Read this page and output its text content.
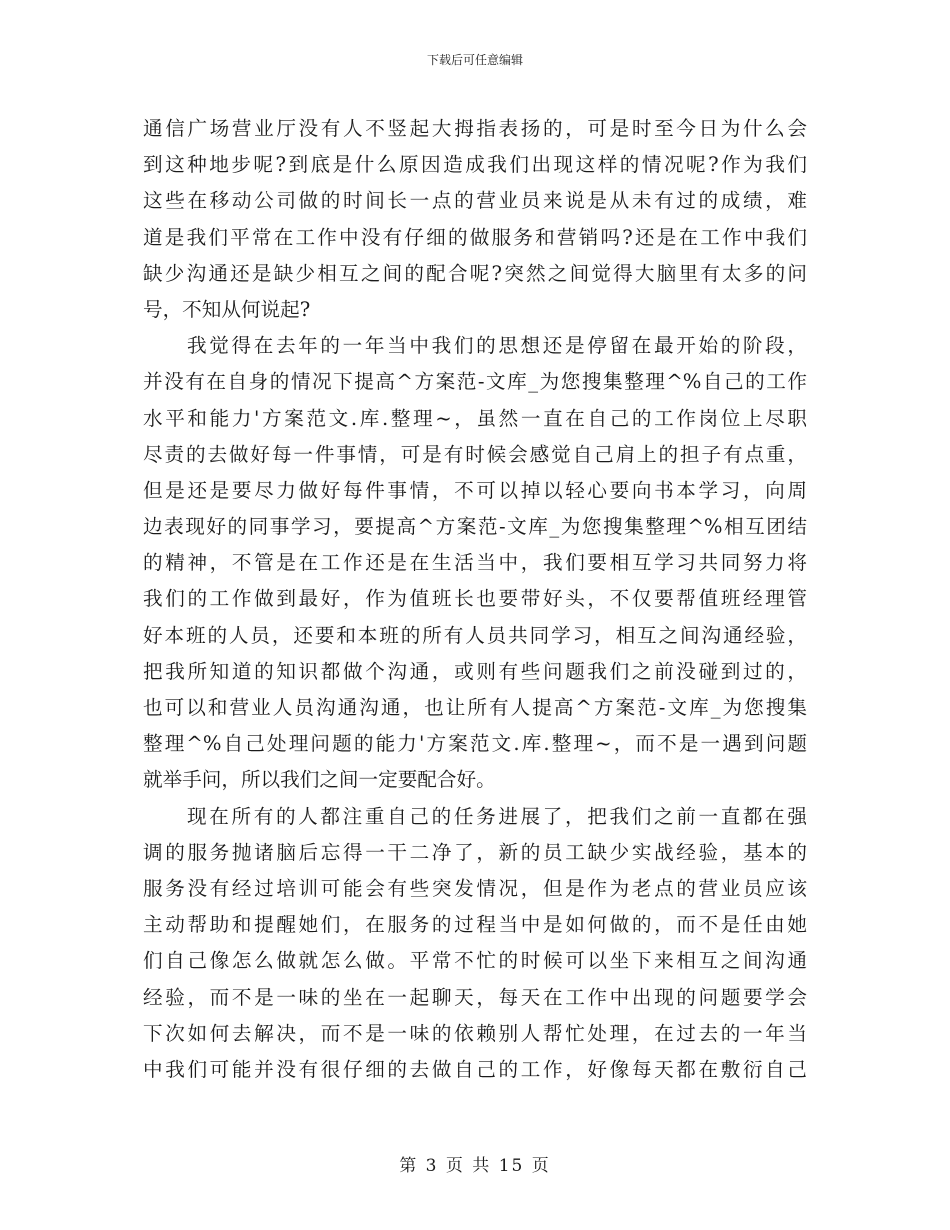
下载后可任意编辑
通信广场营业厅没有人不竖起大拇指表扬的，可是时至今日为什么会
到这种地步呢?到底是什么原因造成我们出现这样的情况呢?作为我们
这些在移动公司做的时间长一点的营业员来说是从未有过的成绩，难
道是我们平常在工作中没有仔细的做服务和营销吗?还是在工作中我们
缺少沟通还是缺少相互之间的配合呢?突然之间觉得大脑里有太多的问
号，不知从何说起?
我觉得在去年的一年当中我们的思想还是停留在最开始的阶段，
并没有在自身的情况下提高^方案范-文库_为您搜集整理^%自己的工作
水平和能力'方案范文.库.整理~，虽然一直在自己的工作岗位上尽职
尽责的去做好每一件事情，可是有时候会感觉自己肩上的担子有点重，
但是还是要尽力做好每件事情，不可以掉以轻心要向书本学习，向周
边表现好的同事学习，要提高^方案范-文库_为您搜集整理^%相互团结
的精神，不管是在工作还是在生活当中，我们要相互学习共同努力将
我们的工作做到最好，作为值班长也要带好头，不仅要帮值班经理管
好本班的人员，还要和本班的所有人员共同学习，相互之间沟通经验，
把我所知道的知识都做个沟通，或则有些问题我们之前没碰到过的，
也可以和营业人员沟通沟通，也让所有人提高^方案范-文库_为您搜集
整理^%自己处理问题的能力'方案范文.库.整理~，而不是一遇到问题
就举手问，所以我们之间一定要配合好。
现在所有的人都注重自己的任务进展了，把我们之前一直都在强
调的服务抛诸脑后忘得一干二净了，新的员工缺少实战经验，基本的
服务没有经过培训可能会有些突发情况，但是作为老点的营业员应该
主动帮助和提醒她们，在服务的过程当中是如何做的，而不是任由她
们自己像怎么做就怎么做。平常不忙的时候可以坐下来相互之间沟通
经验，而不是一味的坐在一起聊天，每天在工作中出现的问题要学会
下次如何去解决，而不是一味的依赖别人帮忙处理，在过去的一年当
中我们可能并没有很仔细的去做自己的工作，好像每天都在敷衍自己
第 3 页 共 15 页
